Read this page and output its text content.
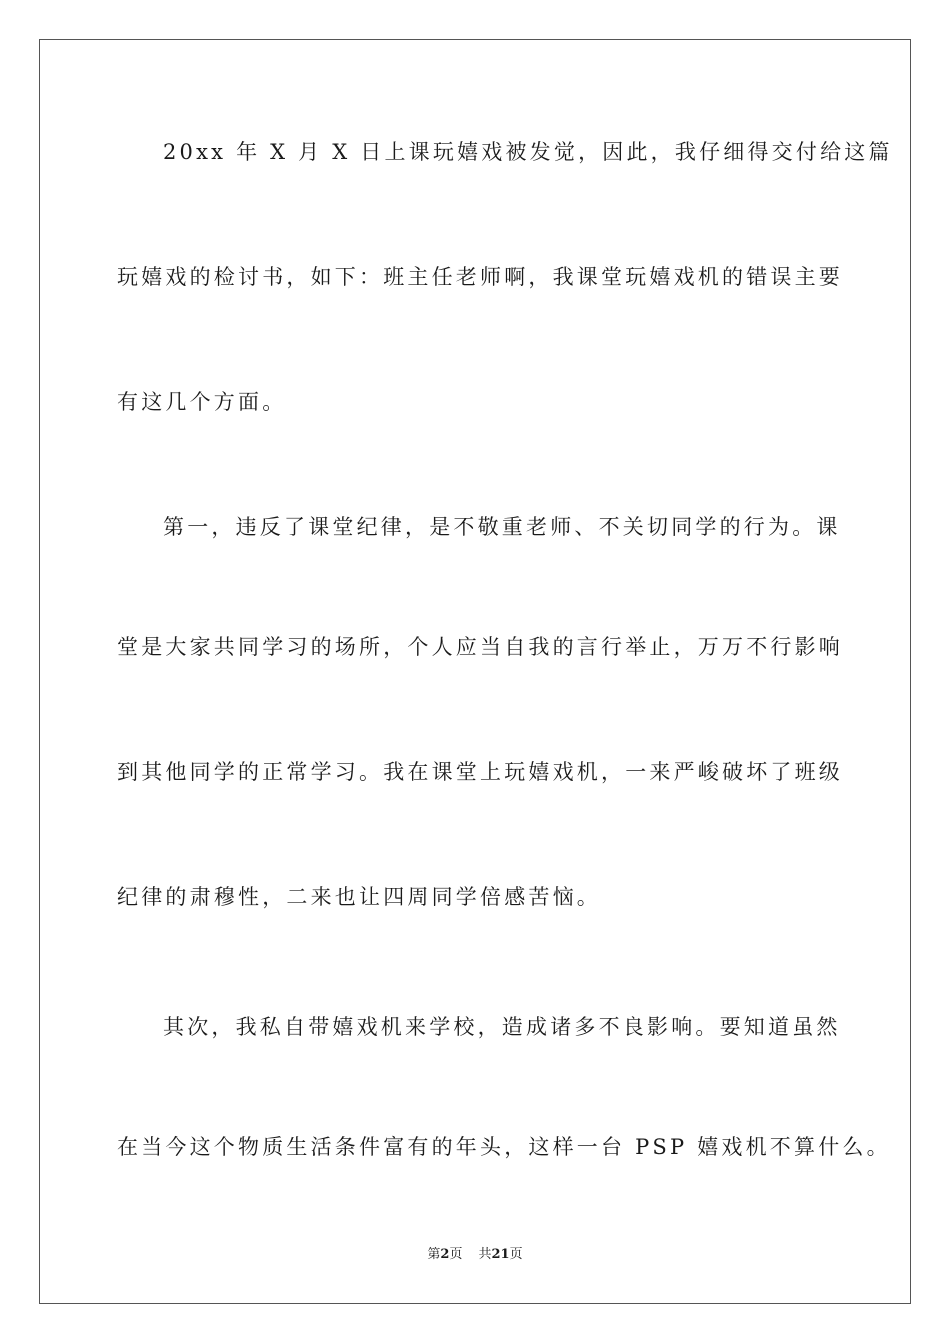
20xx 年 X 月 X 日上课玩嬉戏被发觉，因此，我仔细得交付给这篇

玩嬉戏的检讨书，如下：班主任老师啊，我课堂玩嬉戏机的错误主要

有这几个方面。

第一，违反了课堂纪律，是不敬重老师、不关切同学的行为。课

堂是大家共同学习的场所，个人应当自我的言行举止，万万不行影响

到其他同学的正常学习。我在课堂上玩嬉戏机，一来严峻破坏了班级

纪律的肃穆性，二来也让四周同学倍感苦恼。

其次，我私自带嬉戏机来学校，造成诸多不良影响。要知道虽然

在当今这个物质生活条件富有的年头，这样一台 PSP 嬉戏机不算什么。

第2页 共21页
